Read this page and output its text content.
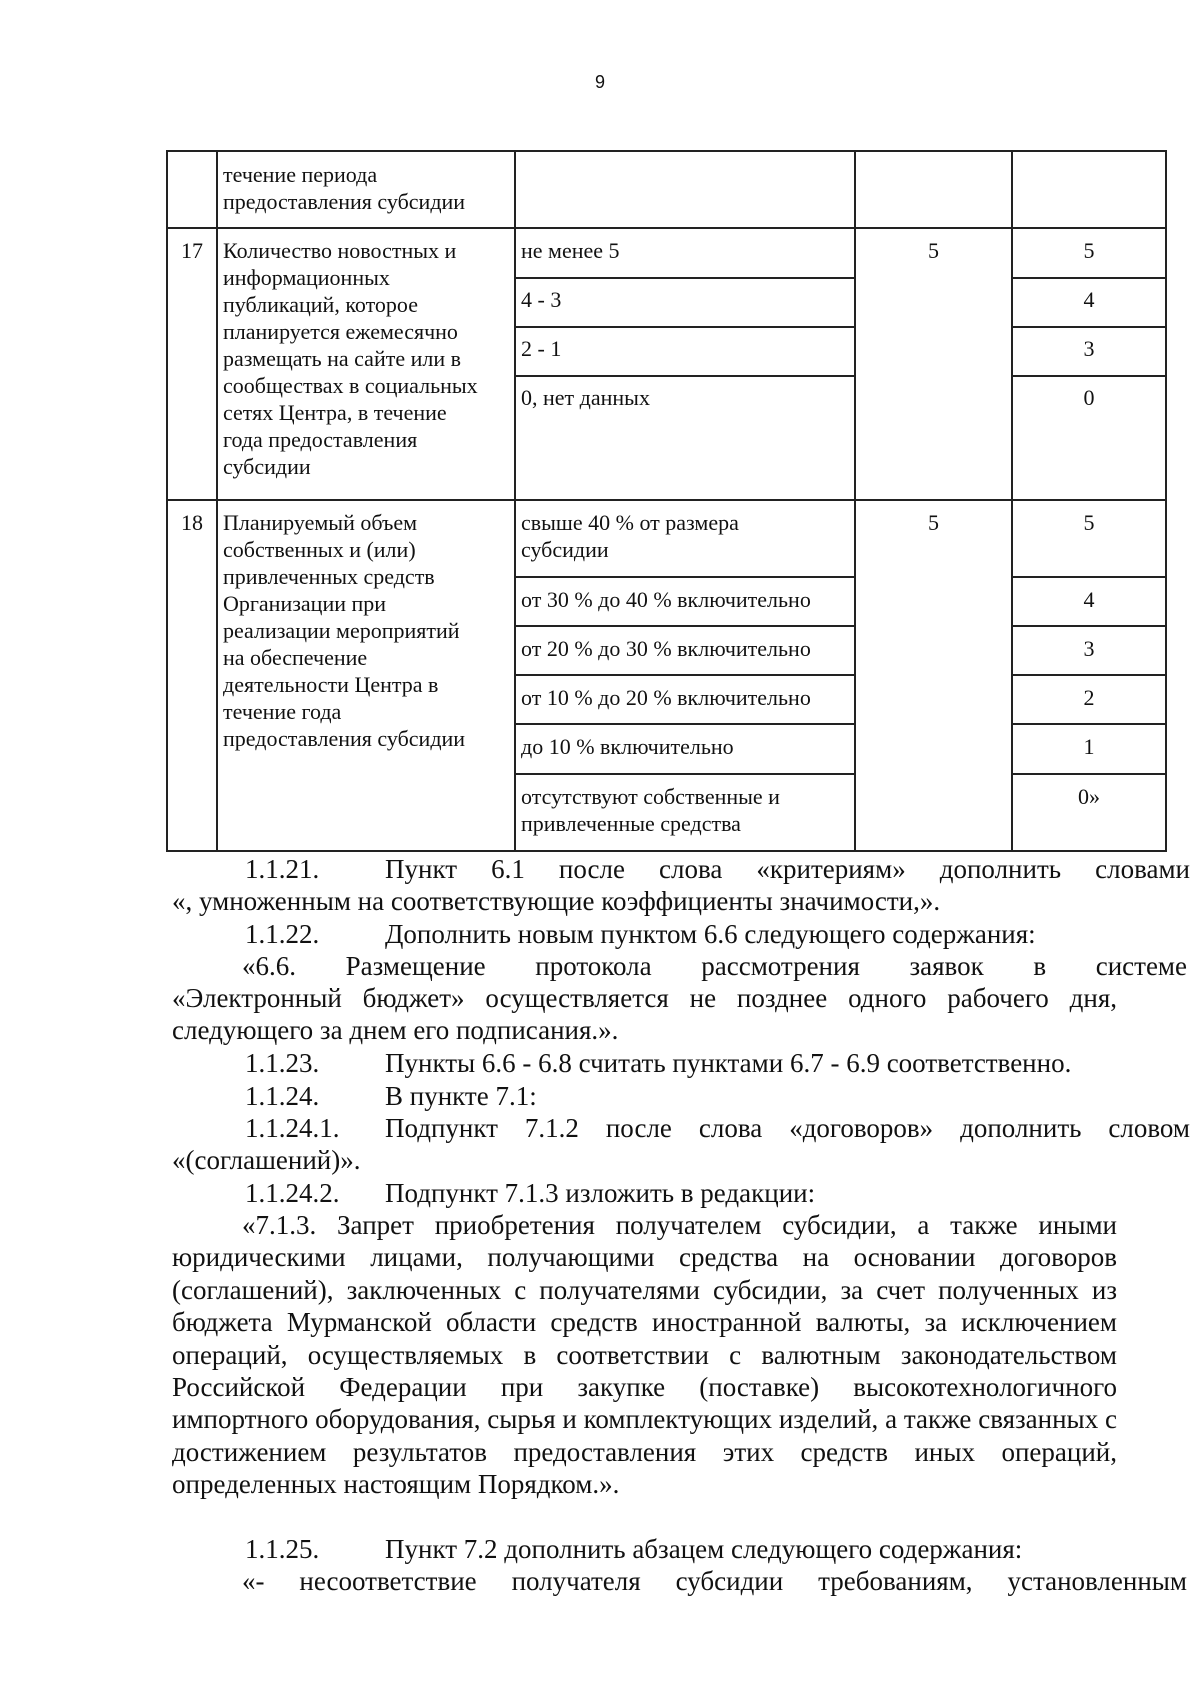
9
течение периода
предоставления субсидии
17 Количество новостных и
информационных
публикаций, которое
планируется ежемесячно
размещать на сайте или в
сообществах в социальных
сетях Центра, в течение
года предоставления
субсидии
не менее 5
4 - 3
2 - 1
0, нет данных
5	5
4
3
0
18 Планируемый объем
собственных и (или)
привлеченных средств
Организации при
реализации мероприятий
на обеспечение
деятельности Центра в
течение года
предоставления субсидии
свыше 40 % от размера
субсидии
от 30 % до 40 % включительно
от 20 % до 30 % включительно
от 10 % до 20 % включительно
до 10 % включительно
отсутствуют собственные и
привлеченные средства
5	5
4
3
2
1
0»
1.1.21. Пункт 6.1 после слова «критериям» дополнить словами
«, умноженным на соответствующие коэффициенты значимости,».
1.1.22. Дополнить новым пунктом 6.6 следующего содержания:
«6.6. Размещение протокола рассмотрения заявок в системе
«Электронный бюджет» осуществляется не позднее одного рабочего дня, следующего за днем его подписания.».
1.1.23. Пункты 6.6 - 6.8 считать пунктами 6.7 - 6.9 соответственно.
1.1.24. В пункте 7.1:
1.1.24.1. Подпункт 7.1.2 после слова «договоров» дополнить словом
«(соглашений)».
1.1.24.2. Подпункт 7.1.3 изложить в редакции:
«7.1.3. Запрет приобретения получателем субсидии, а также иными юридическими лицами, получающими средства на основании договоров (соглашений), заключенных с получателями субсидии, за счет полученных из бюджета Мурманской области средств иностранной валюты, за исключением операций, осуществляемых в соответствии с валютным законодательством Российской Федерации при закупке (поставке) высокотехнологичного импортного оборудования, сырья и комплектующих изделий, а также связанных с достижением результатов предоставления этих средств иных операций, определенных настоящим Порядком.».
1.1.25. Пункт 7.2 дополнить абзацем следующего содержания:
«- несоответствие получателя субсидии требованиям, установленным
